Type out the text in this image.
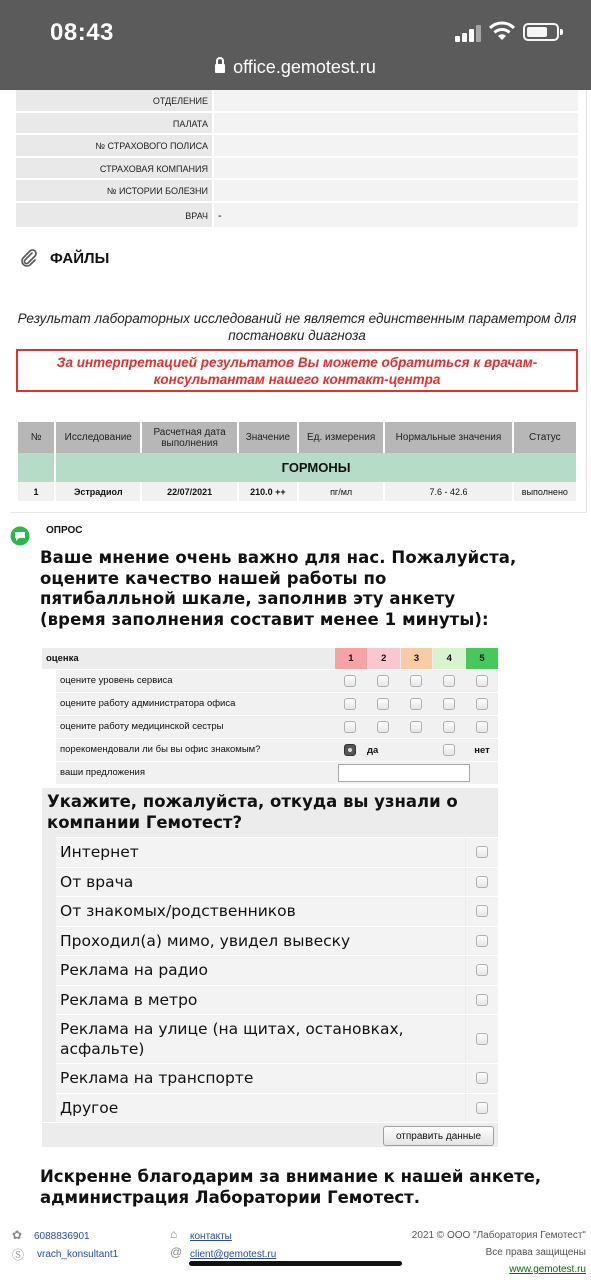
08:43
office.gemotest.ru
ОТДЕЛЕНИЕ
ПАЛАТА
№ СТРАХОВОГО ПОЛИСА
СТРАХОВАЯ КОМПАНИЯ
№ ИСТОРИИ БОЛЕЗНИ
ВРАЧ -
ФАЙЛЫ
Результат лабораторных исследований не является единственным параметром для постановки диагноза
За интерпретацией результатов Вы можете обратиться к врачам-консультантам нашего контакт-центра
№	Исследование	Расчетная дата выполнения	Значение	Ед. измерения	Нормальные значения	Статус
	ГОРМОНЫ					
1	Эстрадиол	22/07/2021	210.0 ++	пг/мл	7.6 - 42.6	выполнено
ОПРОС
Ваше мнение очень важно для нас. Пожалуйста, оцените качество нашей работы по пятибалльной шкале, заполнив эту анкету (время заполнения составит менее 1 минуты):
оценка	1	2	3	4	5
оцените уровень сервиса
оцените работу администратора офиса
оцените работу медицинской сестры
порекомендовали ли бы вы офис знакомым?	да	нет
ваши предложения
Укажите, пожалуйста, откуда вы узнали о компании Гемотест?
Интернет
От врача
От знакомых/родственников
Проходил(а) мимо, увидел вывеску
Реклама на радио
Реклама в метро
Реклама на улице (на щитах, остановках, асфальте)
Реклама на транспорте
Другое
отправить данные
Искренне благодарим за внимание к нашей анкете, администрация Лаборатории Гемотест.
✿ 6088836901
Ⓢ vrach_konsultant1
⌂ контакты
@ client@gemotest.ru
2021 © ООО "Лаборатория Гемотест"
Все права защищены
www.gemotest.ru
